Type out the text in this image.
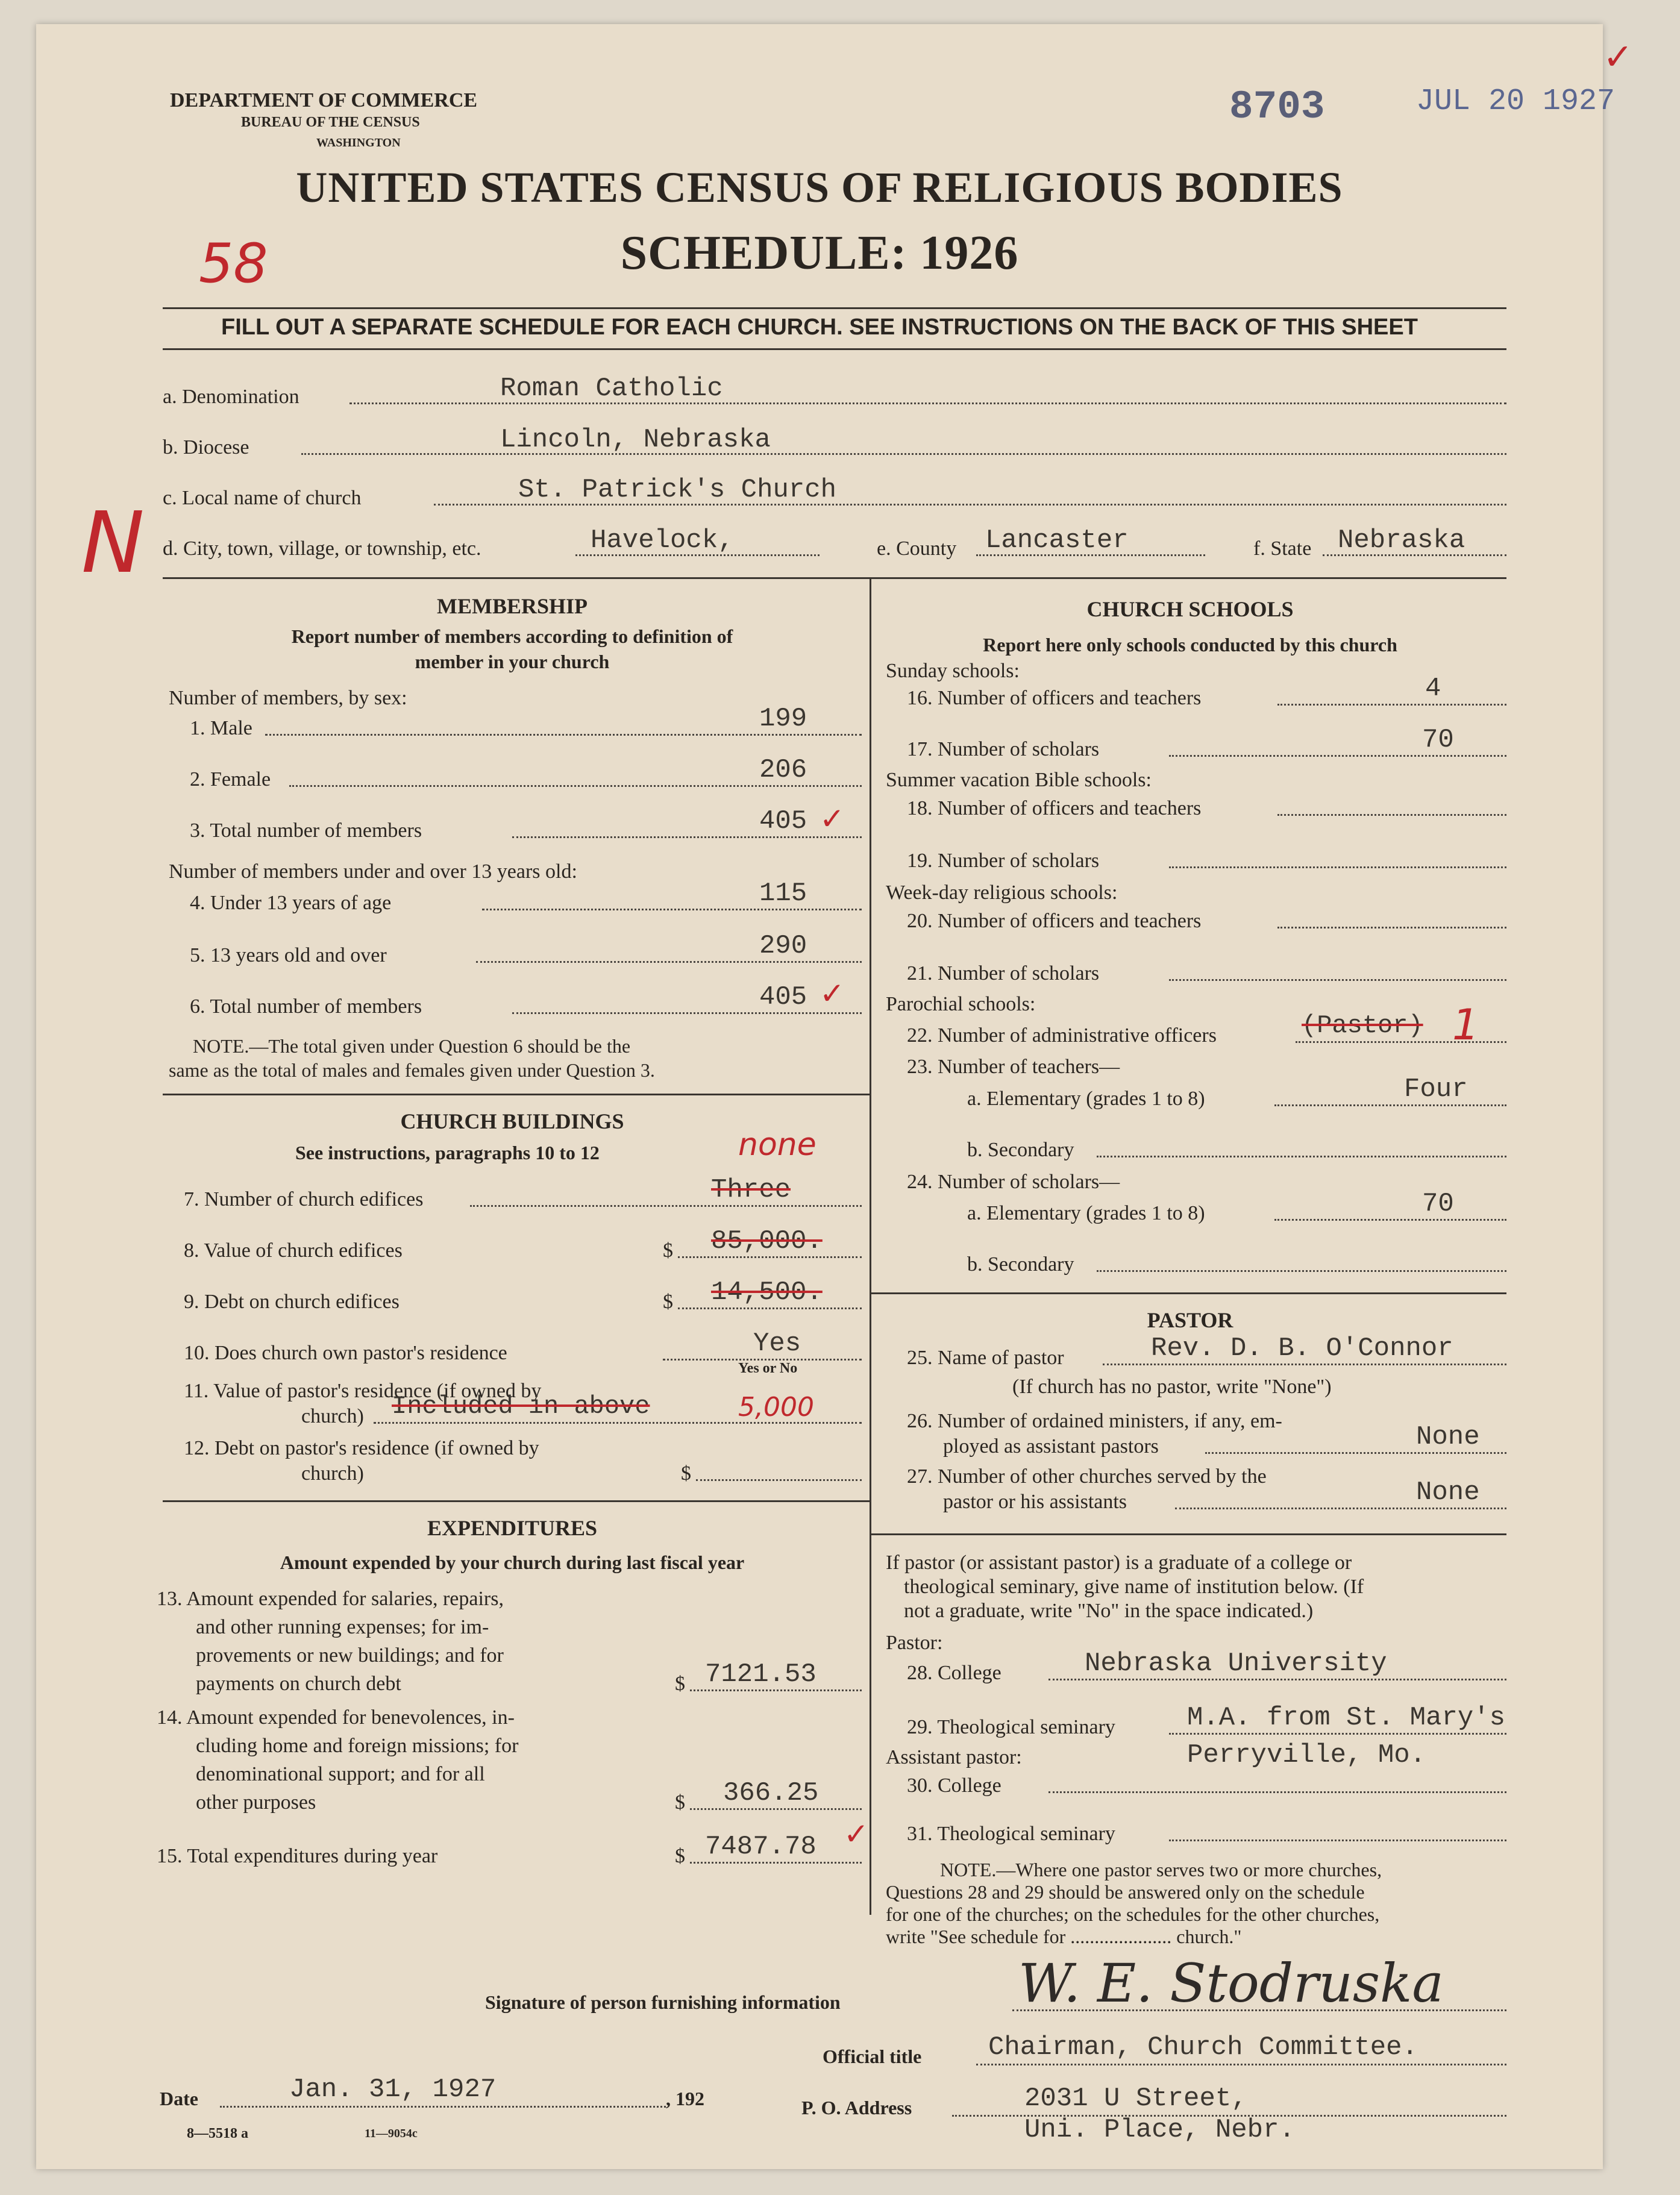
DEPARTMENT OF COMMERCE
BUREAU OF THE CENSUS
WASHINGTON
8703	JUL 20 1927
✓
UNITED STATES CENSUS OF RELIGIOUS BODIES
SCHEDULE: 1926
58
FILL OUT A SEPARATE SCHEDULE FOR EACH CHURCH. SEE INSTRUCTIONS ON THE BACK OF THIS SHEET
a. Denomination	Roman Catholic
b. Diocese	Lincoln, Nebraska
c. Local name of church	St. Patrick's Church
N d. City, town, village, or township, etc.	Havelock,	e. County Lancaster	f. State Nebraska
MEMBERSHIP
Report number of members according to definition of
member in your church
Number of members, by sex:
1. Male	199
2. Female	206
3. Total number of members	405 ✓
Number of members under and over 13 years old:
4. Under 13 years of age	115
5. 13 years old and over	290
6. Total number of members	405 ✓
NOTE.—The total given under Question 6 should be the
same as the total of males and females given under Question 3.
CHURCH BUILDINGS
See instructions, paragraphs 10 to 12	none
7. Number of church edifices	Three
8. Value of church edifices	$ 85,000.
9. Debt on church edifices	$ 14,500.
10. Does church own pastor's residence	Yes
Yes or No
11. Value of pastor's residence (if owned by
church) Included in above	5,000
12. Debt on pastor's residence (if owned by
church)	$
EXPENDITURES
Amount expended by your church during last fiscal year
13. Amount expended for salaries, repairs,
and other running expenses; for im-
provements or new buildings; and for
payments on church debt	$ 7121.53
14. Amount expended for benevolences, in-
cluding home and foreign missions; for
denominational support; and for all
other purposes	$ 366.25
15. Total expenditures during year	$ 7487.78 ✓
CHURCH SCHOOLS
Report here only schools conducted by this church
Sunday schools:
16. Number of officers and teachers	4
17. Number of scholars	70
Summer vacation Bible schools:
18. Number of officers and teachers
19. Number of scholars
Week-day religious schools:
20. Number of officers and teachers
21. Number of scholars
Parochial schools:
22. Number of administrative officers	(Pastor) 1
23. Number of teachers—
a. Elementary (grades 1 to 8)	Four
b. Secondary
24. Number of scholars—
a. Elementary (grades 1 to 8)	70
b. Secondary
PASTOR
25. Name of pastor	Rev. D. B. O'Connor
(If church has no pastor, write "None")
26. Number of ordained ministers, if any, em-
ployed as assistant pastors	None
27. Number of other churches served by the
pastor or his assistants	None
If pastor (or assistant pastor) is a graduate of a college or
theological seminary, give name of institution below. (If
not a graduate, write "No" in the space indicated.)
Pastor:
28. College	Nebraska University
29. Theological seminary	M.A. from St. Mary's
Assistant pastor:	Perryville, Mo.
30. College
31. Theological seminary
NOTE.—Where one pastor serves two or more churches,
Questions 28 and 29 should be answered only on the schedule
for one of the churches; on the schedules for the other churches,
write "See schedule for ..................... church."
Signature of person furnishing information	W. E. Stodruska
Official title	Chairman, Church Committee.
Date	Jan. 31, 1927	, 192	P. O. Address	2031 U Street,
Uni. Place, Nebr.
8—5518 a	11—9054c
